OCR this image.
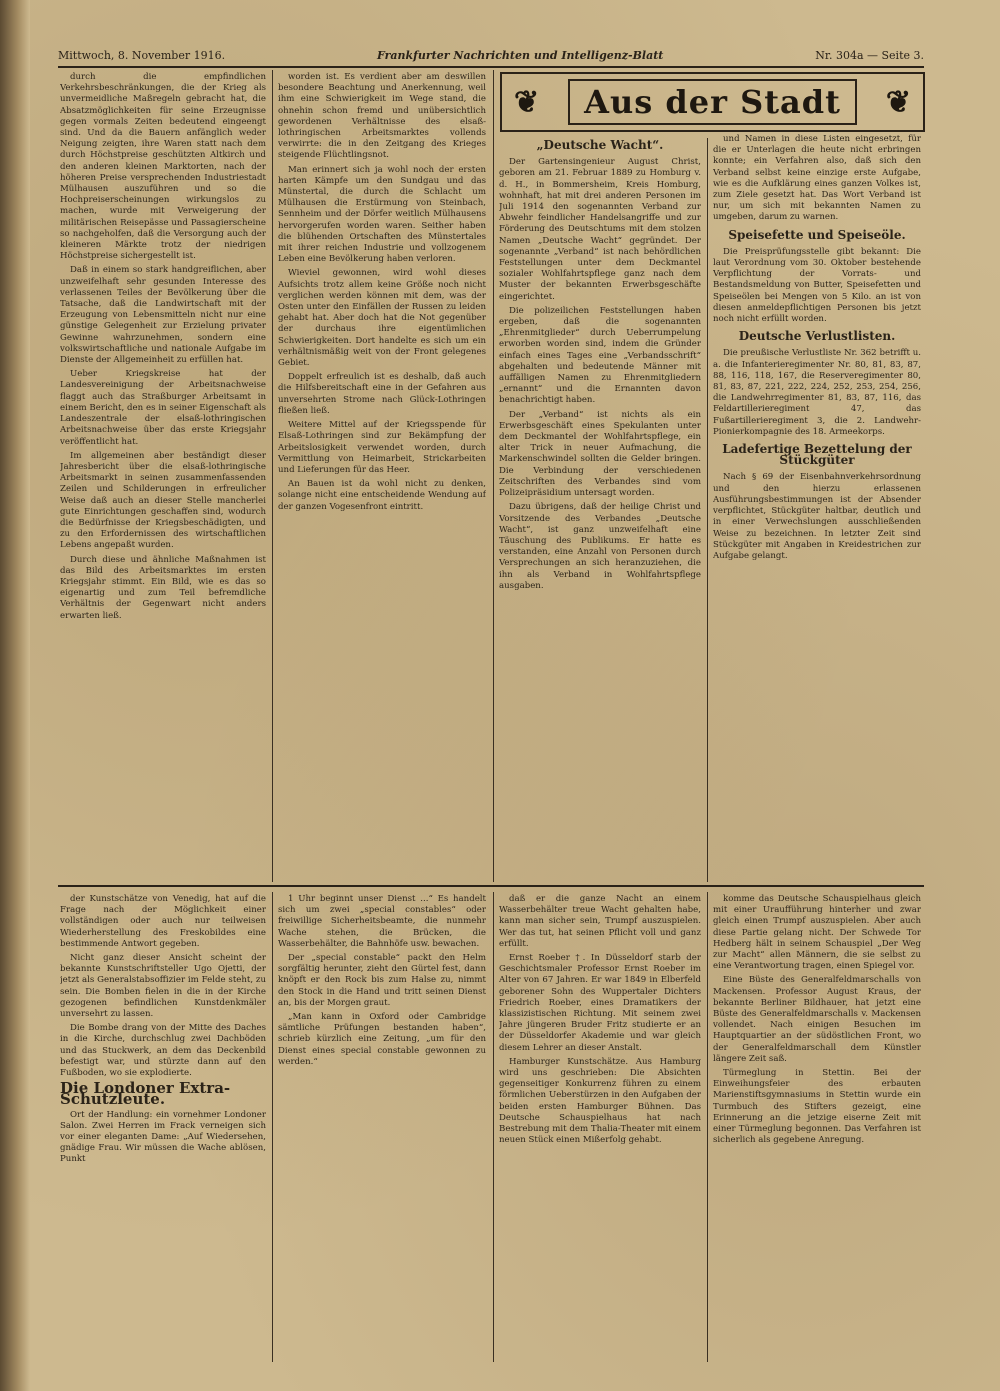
Mittwoch, 8. November 1916.	Frankfurter Nachrichten und Intelligenz-Blatt	Nr. 304a — Seite 3.
❦	Aus der Stadt	❦

durch die empfindlichen Verkehrsbeschränkungen, die der Krieg als unvermeidliche Maßregeln gebracht hat, die Absatzmöglichkeiten für seine Erzeugnisse gegen vormals Zeiten bedeutend eingeengt sind. Und da die Bauern anfänglich weder Neigung zeigten, ihre Waren statt nach dem durch Höchstpreise geschützten Altkirch und den anderen kleinen Marktorten, nach der höheren Preise versprechenden Industriestadt Mülhausen auszuführen und so die Hochpreiserscheinungen wirkungslos zu machen, wurde mit Verweigerung der militärischen Reisepässe und Passagierscheine so nachgeholfen, daß die Versorgung auch der kleineren Märkte trotz der niedrigen Höchstpreise sichergestellt ist.

Daß in einem so stark handgreiflichen, aber unzweifelhaft sehr gesunden Interesse des verlassenen Teiles der Bevölkerung über die Tatsache, daß die Landwirtschaft mit der Erzeugung von Lebensmitteln nicht nur eine günstige Gelegenheit zur Erzielung privater Gewinne wahrzunehmen, sondern eine volkswirtschaftliche und nationale Aufgabe im Dienste der Allgemeinheit zu erfüllen hat.

Ueber Kriegskreise hat der Landesvereinigung der Arbeitsnachweise flaggt auch das Straßburger Arbeitsamt in einem Bericht, den es in seiner Eigenschaft als Landeszentrale der elsaß-lothringischen Arbeitsnachweise über das erste Kriegsjahr veröffentlicht hat.

Im allgemeinen aber beständigt dieser Jahresbericht über die elsaß-lothringische Arbeitsmarkt in seinen zusammenfassenden Zeilen und Schilderungen in erfreulicher Weise daß auch an dieser Stelle mancherlei gute Einrichtungen geschaffen sind, wodurch die Bedürfnisse der Kriegsbeschädigten, und zu den Erfordernissen des wirtschaftlichen Lebens angepaßt wurden.

Durch diese und ähnliche Maßnahmen ist das Bild des Arbeitsmarktes im ersten Kriegsjahr stimmt. Ein Bild, wie es das so eigenartig und zum Teil befremdliche Verhältnis der Gegenwart nicht anders erwarten ließ.

worden ist. Es verdient aber am deswillen besondere Beachtung und Anerkennung, weil ihm eine Schwierigkeit im Wege stand, die ohnehin schon fremd und unübersichtlich gewordenen Verhältnisse des elsaß-lothringischen Arbeitsmarktes vollends verwirrte: die in den Zeitgang des Krieges steigende Flüchtlingsnot.

Man erinnert sich ja wohl noch der ersten harten Kämpfe um den Sundgau und das Münstertal, die durch die Schlacht um Mülhausen die Erstürmung von Steinbach, Sennheim und der Dörfer weitlich Mülhausens hervorgerufen worden waren. Seither haben die blühenden Ortschaften des Münstertales mit ihrer reichen Industrie und vollzogenem Leben eine Bevölkerung haben verloren.

Wieviel gewonnen, wird wohl dieses Aufsichts trotz allem keine Größe noch nicht verglichen werden können mit dem, was der Osten unter den Einfällen der Russen zu leiden gehabt hat. Aber doch hat die Not gegenüber der durchaus ihre eigentümlichen Schwierigkeiten. Dort handelte es sich um ein verhältnismäßig weit von der Front gelegenes Gebiet.

Doppelt erfreulich ist es deshalb, daß auch die Hilfsbereitschaft eine in der Gefahren aus unversehrten Strome nach Glück-Lothringen fließen ließ.

Weitere Mittel auf der Kriegsspende für Elsaß-Lothringen sind zur Bekämpfung der Arbeitslosigkeit verwendet worden, durch Vermittlung von Heimarbeit, Strickarbeiten und Lieferungen für das Heer.

An Bauen ist da wohl nicht zu denken, solange nicht eine entscheidende Wendung auf der ganzen Vogesenfront eintritt.

„Deutsche Wacht“.

Der Gartensingenieur August Christ, geboren am 21. Februar 1889 zu Homburg v. d. H., in Bommersheim, Kreis Homburg, wohnhaft, hat mit drei anderen Personen im Juli 1914 den sogenannten Verband zur Abwehr feindlicher Handelsangriffe und zur Förderung des Deutschtums mit dem stolzen Namen „Deutsche Wacht“ gegründet. Der sogenannte „Verband“ ist nach behördlichen Feststellungen unter dem Deckmantel sozialer Wohlfahrtspflege ganz nach dem Muster der bekannten Erwerbsgeschäfte eingerichtet.

Die polizeilichen Feststellungen haben ergeben, daß die sogenannten „Ehrenmitglieder“ durch Ueberrumpelung erworben worden sind, indem die Gründer einfach eines Tages eine „Verbandsschrift“ abgehalten und bedeutende Männer mit auffälligen Namen zu Ehrenmitgliedern „ernannt“ und die Ernannten davon benachrichtigt haben.

Der „Verband“ ist nichts als ein Erwerbsgeschäft eines Spekulanten unter dem Deckmantel der Wohlfahrtspflege, ein alter Trick in neuer Aufmachung, die Markenschwindel sollten die Gelder bringen. Die Verbindung der verschiedenen Zeitschriften des Verbandes sind vom Polizeipräsidium untersagt worden.

Dazu übrigens, daß der heilige Christ und Vorsitzende des Verbandes „Deutsche Wacht“, ist ganz unzweifelhaft eine Täuschung des Publikums. Er hatte es verstanden, eine Anzahl von Personen durch Versprechungen an sich heranzuziehen, die ihn als Verband in Wohlfahrtspflege ausgaben.

und Namen in diese Listen eingesetzt, für die er Unterlagen die heute nicht erbringen konnte; ein Verfahren also, daß sich den Verband selbst keine einzige erste Aufgabe, wie es die Aufklärung eines ganzen Volkes ist, zum Ziele gesetzt hat. Das Wort Verband ist nur, um sich mit bekannten Namen zu umgeben, darum zu warnen.

Speisefette und Speiseöle.

Die Preisprüfungsstelle gibt bekannt: Die laut Verordnung vom 30. Oktober bestehende Verpflichtung der Vorrats- und Bestandsmeldung von Butter, Speisefetten und Speiseölen bei Mengen von 5 Kilo. an ist von diesen anmeldepflichtigen Personen bis jetzt noch nicht erfüllt worden.

Deutsche Verlustlisten.

Die preußische Verlustliste Nr. 362 betrifft u. a. die Infanterieregimenter Nr. 80, 81, 83, 87, 88, 116, 118, 167, die Reserveregimenter 80, 81, 83, 87, 221, 222, 224, 252, 253, 254, 256, die Landwehrregimenter 81, 83, 87, 116, das Feldartillerieregiment 47, das Fußartillerieregiment 3, die 2. Landwehr-Pionierkompagnie des 18. Armeekorps.

Ladefertige Bezettelung der Stückgüter

Nach § 69 der Eisenbahnverkehrsordnung und den hierzu erlassenen Ausführungsbestimmungen ist der Absender verpflichtet, Stückgüter haltbar, deutlich und in einer Verwechslungen ausschließenden Weise zu bezeichnen. In letzter Zeit sind Stückgüter mit Angaben in Kreidestrichen zur Aufgabe gelangt.

der Kunstschätze von Venedig, hat auf die Frage nach der Möglichkeit einer vollständigen oder auch nur teilweisen Wiederherstellung des Freskobildes eine bestimmende Antwort gegeben.

Nicht ganz dieser Ansicht scheint der bekannte Kunstschriftsteller Ugo Ojetti, der jetzt als Generalstabsoffizier im Felde steht, zu sein. Die Bomben fielen in die in der Kirche gezogenen befindlichen Kunstdenkmäler unversehrt zu lassen.

Die Bombe drang von der Mitte des Daches in die Kirche, durchschlug zwei Dachböden und das Stuckwerk, an dem das Deckenbild befestigt war, und stürzte dann auf den Fußboden, wo sie explodierte.

Die Londoner Extra-Schutzleute.

Ort der Handlung: ein vornehmer Londoner Salon. Zwei Herren im Frack verneigen sich vor einer eleganten Dame: „Auf Wiedersehen, gnädige Frau. Wir müssen die Wache ablösen, Punkt

1 Uhr beginnt unser Dienst ...“ Es handelt sich um zwei „special constables“ oder freiwillige Sicherheitsbeamte, die nunmehr Wache stehen, die Brücken, die Wasserbehälter, die Bahnhöfe usw. bewachen.

Der „special constable“ packt den Helm sorgfältig herunter, zieht den Gürtel fest, dann knöpft er den Rock bis zum Halse zu, nimmt den Stock in die Hand und tritt seinen Dienst an, bis der Morgen graut.

„Man kann in Oxford oder Cambridge sämtliche Prüfungen bestanden haben“, schrieb kürzlich eine Zeitung, „um für den Dienst eines special constable gewonnen zu werden.“

daß er die ganze Nacht an einem Wasserbehälter treue Wacht gehalten habe, kann man sicher sein, Trumpf auszuspielen. Wer das tut, hat seinen Pflicht voll und ganz erfüllt.

Ernst Roeber †. In Düsseldorf starb der Geschichtsmaler Professor Ernst Roeber im Alter von 67 Jahren. Er war 1849 in Elberfeld geborener Sohn des Wuppertaler Dichters Friedrich Roeber, eines Dramatikers der klassizistischen Richtung. Mit seinem zwei Jahre jüngeren Bruder Fritz studierte er an der Düsseldorfer Akademie und war gleich diesem Lehrer an dieser Anstalt.

Hamburger Kunstschätze. Aus Hamburg wird uns geschrieben: Die Absichten gegenseitiger Konkurrenz führen zu einem förmlichen Ueberstürzen in den Aufgaben der beiden ersten Hamburger Bühnen. Das Deutsche Schauspielhaus hat nach Bestrebung mit dem Thalia-Theater mit einem neuen Stück einen Mißerfolg gehabt.

komme das Deutsche Schauspielhaus gleich mit einer Uraufführung hinterher und zwar gleich einen Trumpf auszuspielen. Aber auch diese Partie gelang nicht. Der Schwede Tor Hedberg hält in seinem Schauspiel „Der Weg zur Macht“ allen Männern, die sie selbst zu eine Verantwortung tragen, einen Spiegel vor.

Eine Büste des Generalfeldmarschalls von Mackensen. Professor August Kraus, der bekannte Berliner Bildhauer, hat jetzt eine Büste des Generalfeldmarschalls v. Mackensen vollendet. Nach einigen Besuchen im Hauptquartier an der südöstlichen Front, wo der Generalfeldmarschall dem Künstler längere Zeit saß.

Türmeglung in Stettin. Bei der Einweihungsfeier des erbauten Marienstiftsgymnasiums in Stettin wurde ein Turmbuch des Stifters gezeigt, eine Erinnerung an die jetzige eiserne Zeit mit einer Türmeglung begonnen. Das Verfahren ist sicherlich als gegebene Anregung.
